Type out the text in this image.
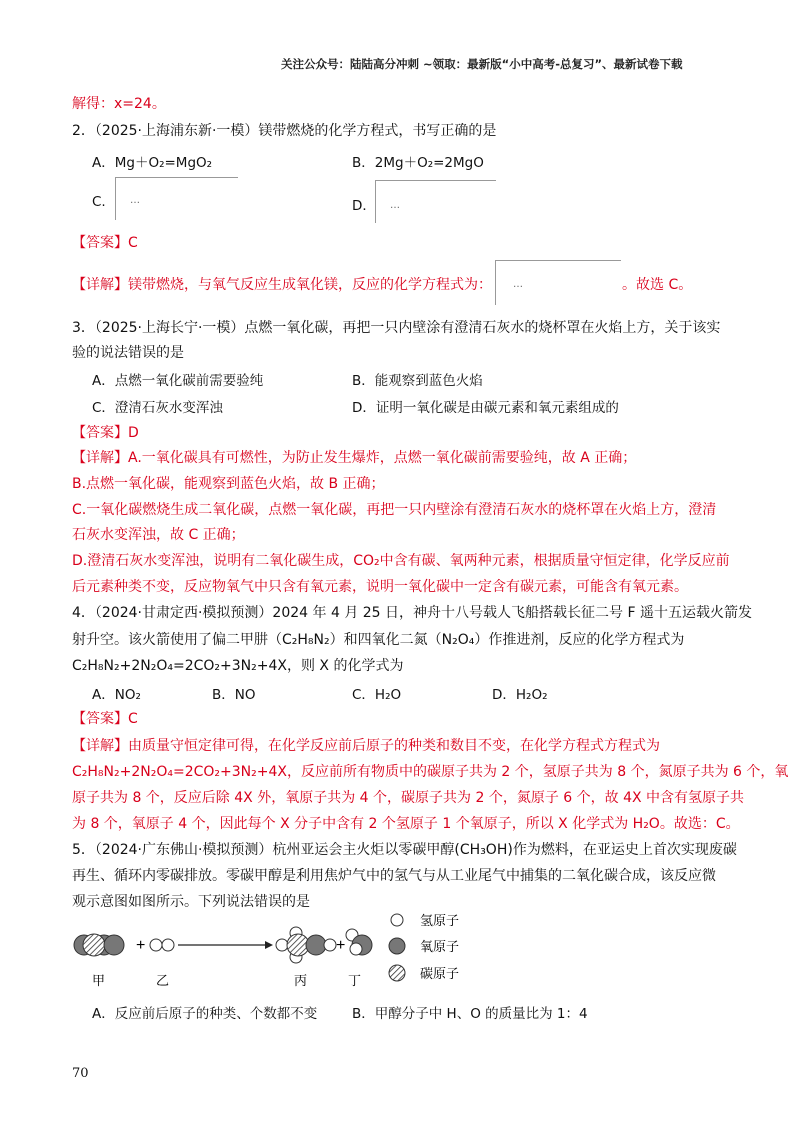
关注公众号：陆陆高分冲刺 ~领取：最新版“小中高考-总复习”、最新试卷下载
解得：x=24。
2．（2025·上海浦东新·一模）镁带燃烧的化学方程式，书写正确的是
A．Mg＋O₂=MgO₂	B．2Mg＋O₂=2MgO
C. …	D． …
【答案】C
【详解】镁带燃烧，与氧气反应生成氧化镁，反应的化学方程式为： …	。故选 C。
3．（2025·上海长宁·一模）点燃一氧化碳，再把一只内壁涂有澄清石灰水的烧杯罩在火焰上方，关于该实
验的说法错误的是
A．点燃一氧化碳前需要验纯	B．能观察到蓝色火焰
C．澄清石灰水变浑浊	D．证明一氧化碳是由碳元素和氧元素组成的
【答案】D
【详解】A.一氧化碳具有可燃性，为防止发生爆炸，点燃一氧化碳前需要验纯，故 A 正确；
B.点燃一氧化碳，能观察到蓝色火焰，故 B 正确；
C.一氧化碳燃烧生成二氧化碳，点燃一氧化碳，再把一只内壁涂有澄清石灰水的烧杯罩在火焰上方，澄清
石灰水变浑浊，故 C 正确；
D.澄清石灰水变浑浊，说明有二氧化碳生成，CO₂中含有碳、氧两种元素，根据质量守恒定律，化学反应前
后元素种类不变，反应物氧气中只含有氧元素，说明一氧化碳中一定含有碳元素，可能含有氧元素。
4．（2024·甘肃定西·模拟预测）2024 年 4 月 25 日，神舟十八号载人飞船搭载长征二号 F 遥十五运载火箭发
射升空。该火箭使用了偏二甲肼（C₂H₈N₂）和四氧化二氮（N₂O₄）作推进剂，反应的化学方程式为
C₂H₈N₂+2N₂O₄=2CO₂+3N₂+4X，则 X 的化学式为
A．NO₂	B．NO	C．H₂O	D．H₂O₂
【答案】C
【详解】由质量守恒定律可得，在化学反应前后原子的种类和数目不变，在化学方程式方程式为
C₂H₈N₂+2N₂O₄=2CO₂+3N₂+4X，反应前所有物质中的碳原子共为 2 个，氢原子共为 8 个，氮原子共为 6 个，氧
原子共为 8 个，反应后除 4X 外，氧原子共为 4 个，碳原子共为 2 个，氮原子 6 个，故 4X 中含有氢原子共
为 8 个，氧原子 4 个，因此每个 X 分子中含有 2 个氢原子 1 个氧原子，所以 X 化学式为 H₂O。故选：C。
5．（2024·广东佛山·模拟预测）杭州亚运会主火炬以零碳甲醇(CH₃OH)作为燃料，在亚运史上首次实现废碳
再生、循环内零碳排放。零碳甲醇是利用焦炉气中的氢气与从工业尾气中捕集的二氧化碳合成，该反应微
观示意图如图所示。下列说法错误的是
+	+
甲	乙	丙	丁
氢原子
氧原子
碳原子
A．反应前后原子的种类、个数都不变	B．甲醇分子中 H、O 的质量比为 1：4
70
